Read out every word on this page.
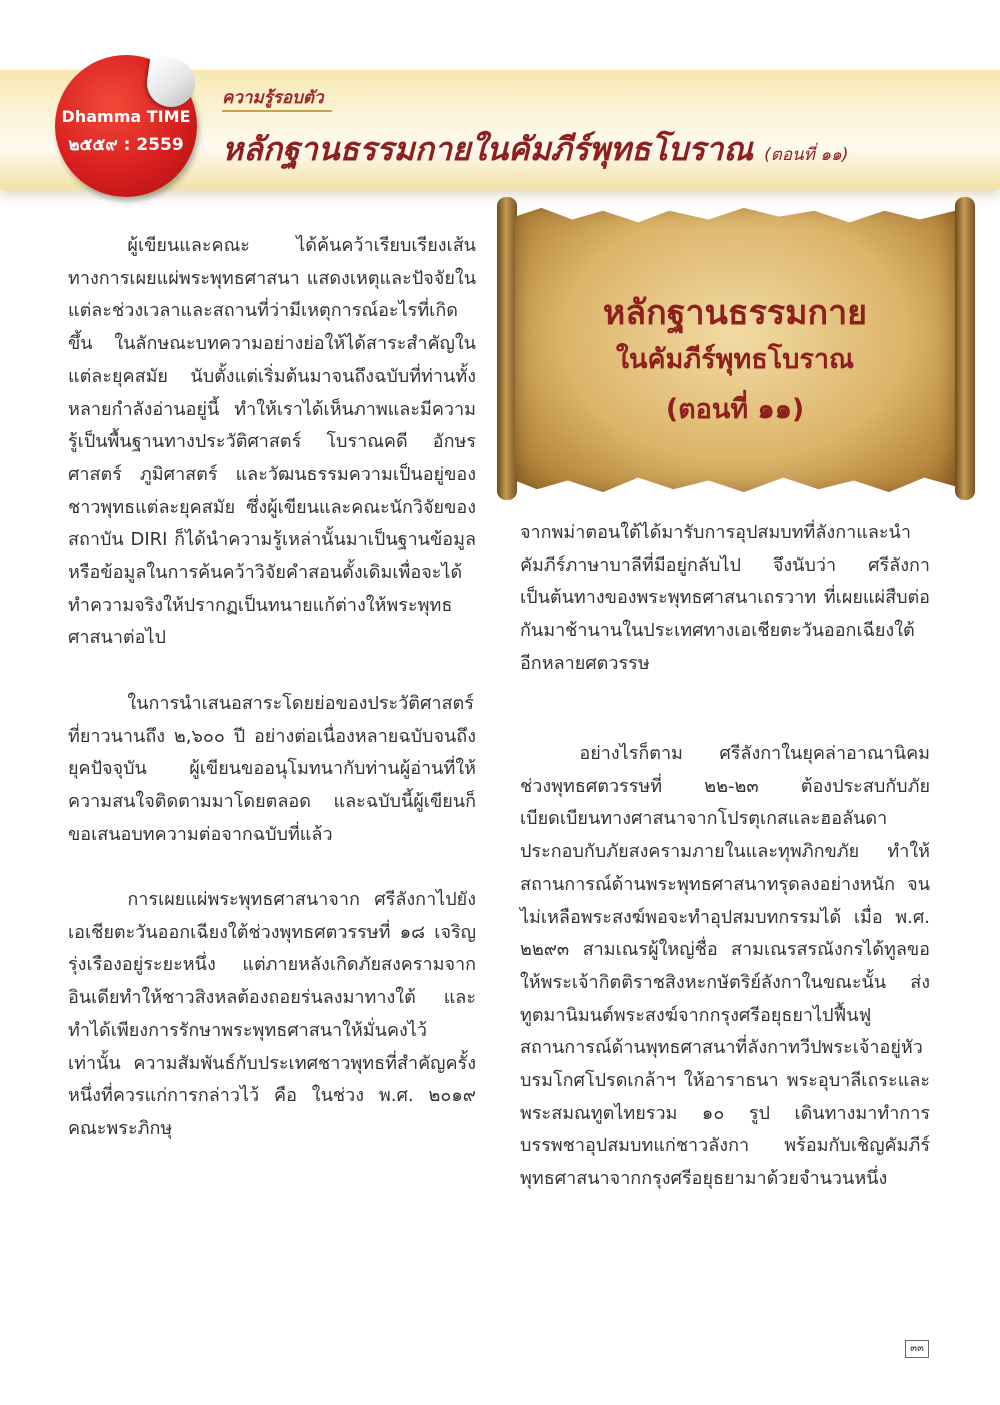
Dhamma TIME
๒๕๕๙ : 2559
ความรู้รอบตัว
หลักฐานธรรมกายในคัมภีร์พุทธโบราณ (ตอนที่ ๑๑)

ผู้เขียนและคณะ ได้ค้นคว้าเรียบเรียงเส้นทางการเผยแผ่พระพุทธศาสนา แสดงเหตุและปัจจัยในแต่ละช่วงเวลาและสถานที่ว่ามีเหตุการณ์อะไรที่เกิดขึ้น ในลักษณะบทความอย่างย่อให้ได้สาระสำคัญในแต่ละยุคสมัย นับตั้งแต่เริ่มต้นมาจนถึงฉบับที่ท่านทั้งหลายกำลังอ่านอยู่นี้ ทำให้เราได้เห็นภาพและมีความรู้เป็นพื้นฐานทางประวัติศาสตร์ โบราณคดี อักษรศาสตร์ ภูมิศาสตร์ และวัฒนธรรมความเป็นอยู่ของชาวพุทธแต่ละยุคสมัย ซึ่งผู้เขียนและคณะนักวิจัยของสถาบัน DIRI ก็ได้นำความรู้เหล่านั้นมาเป็นฐานข้อมูลหรือข้อมูลในการค้นคว้าวิจัยคำสอนดั้งเดิมเพื่อจะได้ทำความจริงให้ปรากฏเป็นทนายแก้ต่างให้พระพุทธศาสนาต่อไป

ในการนำเสนอสาระโดยย่อของประวัติศาสตร์ที่ยาวนานถึง ๒,๖๐๐ ปี อย่างต่อเนื่องหลายฉบับจนถึงยุคปัจจุบัน ผู้เขียนขออนุโมทนากับท่านผู้อ่านที่ให้ความสนใจติดตามมาโดยตลอด และฉบับนี้ผู้เขียนก็ขอเสนอบทความต่อจากฉบับที่แล้ว

การเผยแผ่พระพุทธศาสนาจาก ศรีลังกาไปยังเอเชียตะวันออกเฉียงใต้ช่วงพุทธศตวรรษที่ ๑๘ เจริญรุ่งเรืองอยู่ระยะหนึ่ง แต่ภายหลังเกิดภัยสงครามจากอินเดียทำให้ชาวสิงหลต้องถอยร่นลงมาทางใต้ และทำได้เพียงการรักษาพระพุทธศาสนาให้มั่นคงไว้เท่านั้น ความสัมพันธ์กับประเทศชาวพุทธที่สำคัญครั้งหนึ่งที่ควรแก่การกล่าวไว้ คือ ในช่วง พ.ศ. ๒๐๑๙ คณะพระภิกษุ

หลักฐานธรรมกาย
ในคัมภีร์พุทธโบราณ
(ตอนที่ ๑๑)

จากพม่าตอนใต้ได้มารับการอุปสมบทที่ลังกาและนำคัมภีร์ภาษาบาลีที่มีอยู่กลับไป จึงนับว่า ศรีลังกาเป็นต้นทางของพระพุทธศาสนาเถรวาท ที่เผยแผ่สืบต่อกันมาช้านานในประเทศทางเอเชียตะวันออกเฉียงใต้อีกหลายศตวรรษ

อย่างไรก็ตาม ศรีลังกาในยุคล่าอาณานิคมช่วงพุทธศตวรรษที่ ๒๒-๒๓ ต้องประสบกับภัยเบียดเบียนทางศาสนาจากโปรตุเกสและฮอลันดา ประกอบกับภัยสงครามภายในและทุพภิกขภัย ทำให้สถานการณ์ด้านพระพุทธศาสนาทรุดลงอย่างหนัก จนไม่เหลือพระสงฆ์พอจะทำอุปสมบทกรรมได้ เมื่อ พ.ศ. ๒๒๙๓ สามเณรผู้ใหญ่ชื่อ สามเณรสรณังกรได้ทูลขอให้พระเจ้ากิตติราชสิงหะกษัตริย์ลังกาในขณะนั้น ส่งทูตมานิมนต์พระสงฆ์จากกรุงศรีอยุธยาไปฟื้นฟูสถานการณ์ด้านพุทธศาสนาที่ลังกาทวีปพระเจ้าอยู่หัวบรมโกศโปรดเกล้าฯ ให้อาราธนา พระอุบาลีเถระและพระสมณทูตไทยรวม ๑๐ รูป เดินทางมาทำการบรรพชาอุปสมบทแก่ชาวลังกา พร้อมกับเชิญคัมภีร์พุทธศาสนาจากกรุงศรีอยุธยามาด้วยจำนวนหนึ่ง

๓๓
